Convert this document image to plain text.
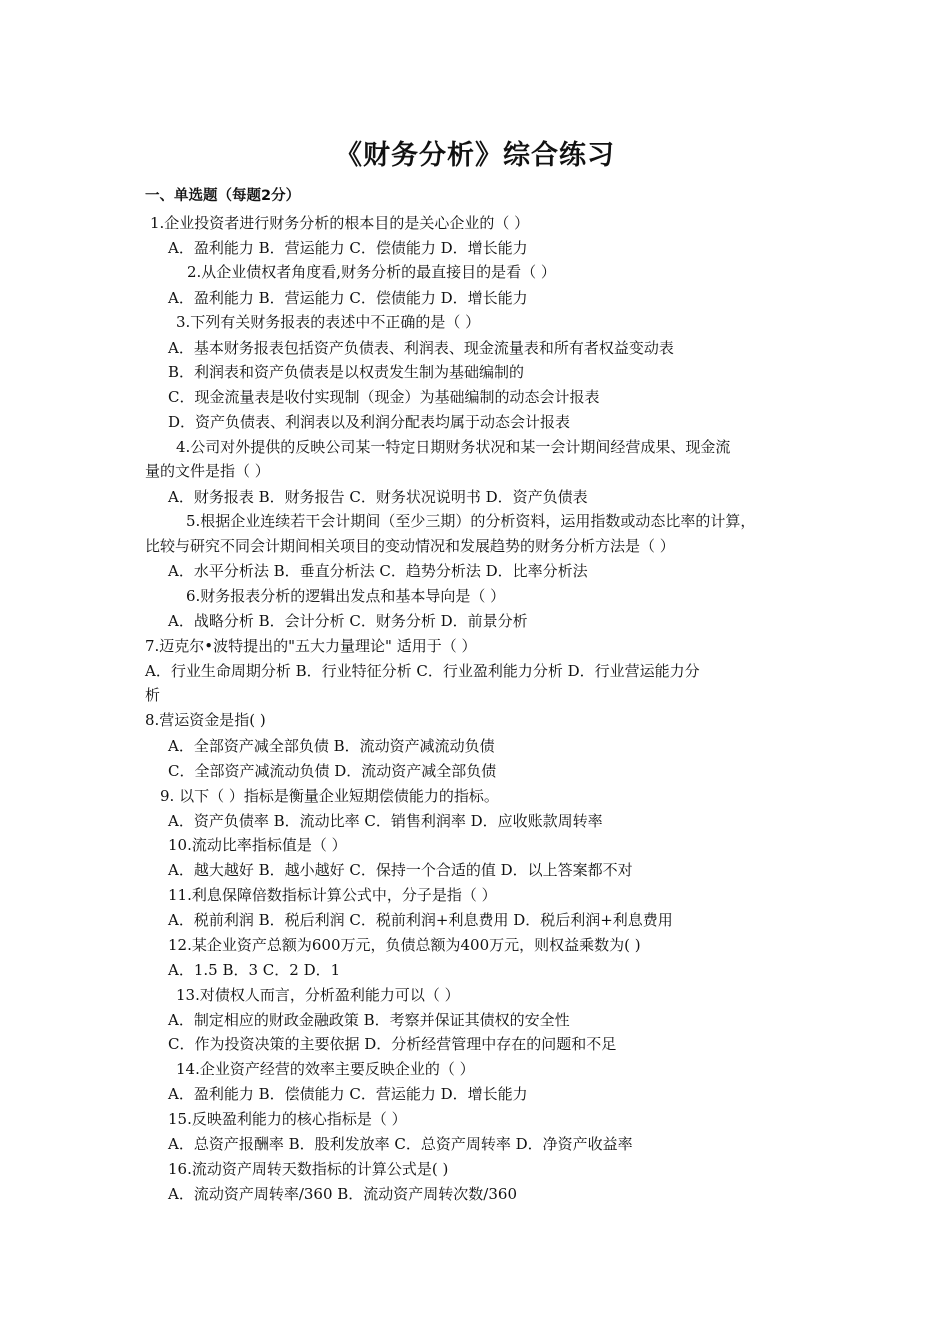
《财务分析》综合练习
一、单选题（每题2分）
1.企业投资者进行财务分析的根本目的是关心企业的（ ）
A．盈利能力 B．营运能力 C．偿债能力 D．增长能力
2.从企业债权者角度看,财务分析的最直接目的是看（ ）
A．盈利能力 B．营运能力 C．偿债能力 D．增长能力
3.下列有关财务报表的表述中不正确的是（ ）
A．基本财务报表包括资产负债表、利润表、现金流量表和所有者权益变动表
B．利润表和资产负债表是以权责发生制为基础编制的
C．现金流量表是收付实现制（现金）为基础编制的动态会计报表
D．资产负债表、利润表以及利润分配表均属于动态会计报表
4.公司对外提供的反映公司某一特定日期财务状况和某一会计期间经营成果、现金流
量的文件是指（ ）
A．财务报表 B．财务报告 C．财务状况说明书 D．资产负债表
5.根据企业连续若干会计期间（至少三期）的分析资料，运用指数或动态比率的计算，
比较与研究不同会计期间相关项目的变动情况和发展趋势的财务分析方法是（ ）
A．水平分析法 B．垂直分析法 C．趋势分析法 D．比率分析法
6.财务报表分析的逻辑出发点和基本导向是（ ）
A．战略分析 B．会计分析 C．财务分析 D．前景分析
7.迈克尔•波特提出的"五大力量理论" 适用于（ ）
A．行业生命周期分析 B．行业特征分析 C．行业盈利能力分析 D．行业营运能力分
析
8.营运资金是指( )
A．全部资产减全部负债 B．流动资产减流动负债
C．全部资产减流动负债 D．流动资产减全部负债
9. 以下（ ）指标是衡量企业短期偿债能力的指标。
A．资产负债率 B．流动比率 C．销售利润率 D．应收账款周转率
10.流动比率指标值是（ ）
A．越大越好 B．越小越好 C．保持一个合适的值 D．以上答案都不对
11.利息保障倍数指标计算公式中，分子是指（ ）
A．税前利润 B．税后利润 C．税前利润+利息费用 D．税后利润+利息费用
12.某企业资产总额为600万元，负债总额为400万元，则权益乘数为( )
A．1.5 B．3 C．2 D．1
13.对债权人而言，分析盈利能力可以（ ）
A．制定相应的财政金融政策 B．考察并保证其债权的安全性
C．作为投资决策的主要依据 D．分析经营管理中存在的问题和不足
14.企业资产经营的效率主要反映企业的（ ）
A．盈利能力 B．偿债能力 C．营运能力 D．增长能力
15.反映盈利能力的核心指标是（ ）
A．总资产报酬率 B．股利发放率 C．总资产周转率 D．净资产收益率
16.流动资产周转天数指标的计算公式是( )
A．流动资产周转率/360 B．流动资产周转次数/360
